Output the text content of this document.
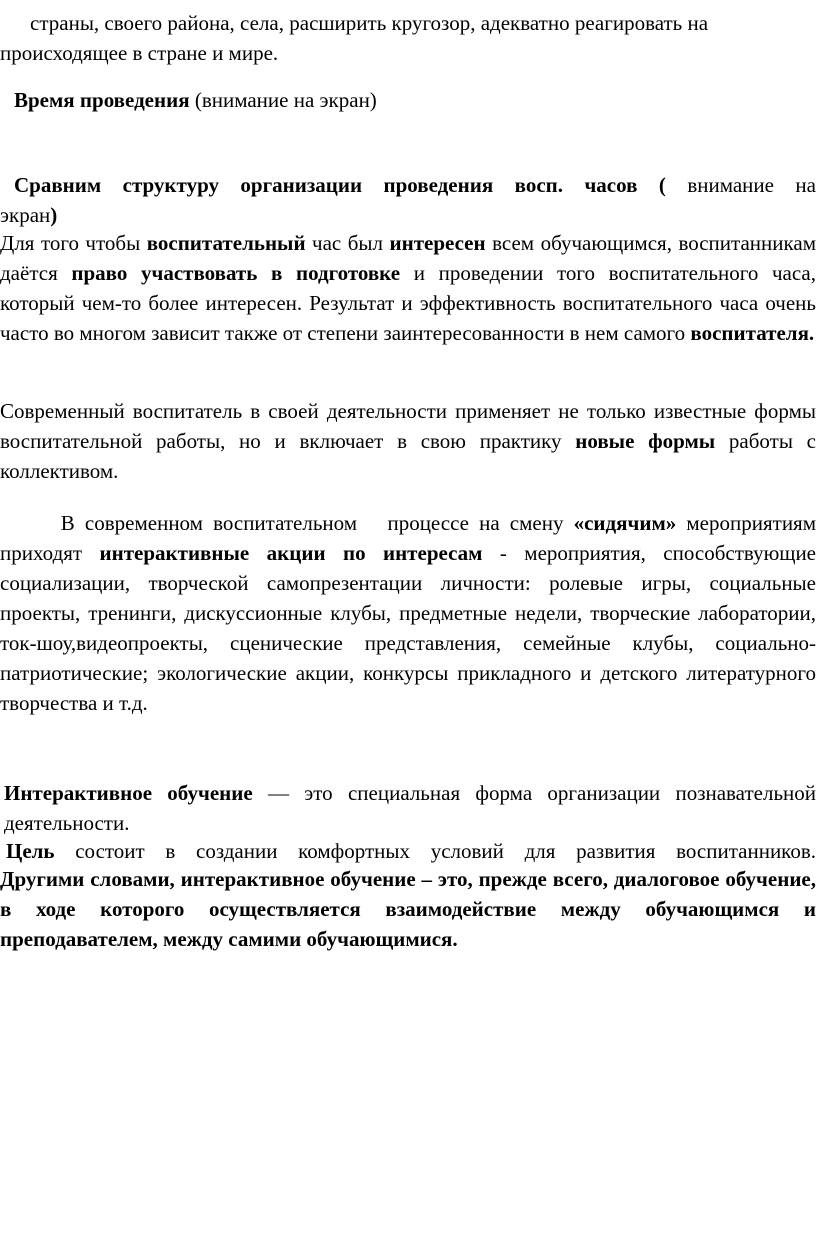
страны, своего района, села, расширить кругозор, адекватно реагировать на
происходящее в стране и мире.
Время проведения (внимание на экран)
Сравним структуру организации проведения восп. часов ( внимание на
экран)
Для того чтобы воспитательный час был интересен всем обучающимся, воспитанникам даётся право участвовать в подготовке и проведении того воспитательного часа, который чем-то более интересен. Результат и эффективность воспитательного часа очень часто во многом зависит также от степени заинтересованности в нем самого воспитателя.
Современный воспитатель в своей деятельности применяет не только известные формы воспитательной работы, но и включает в свою практику новые формы работы с коллективом.
В современном воспитательном   процессе на смену «сидячим» мероприятиям приходят интерактивные акции по интересам - мероприятия, способствующие социализации, творческой самопрезентации личности: ролевые игры, социальные проекты, тренинги, дискуссионные клубы, предметные недели, творческие лаборатории, ток-шоу,видеопроекты, сценические представления, семейные клубы, социально-патриотические; экологические акции, конкурсы прикладного и детского литературного творчества и т.д.
Интерактивное обучение — это специальная форма организации познавательной деятельности.
Цель состоит в создании комфортных условий для развития воспитанников.
Другими словами, интерактивное обучение – это, прежде всего, диалоговое обучение, в ходе которого осуществляется взаимодействие между обучающимся и преподавателем, между самими обучающимися.
